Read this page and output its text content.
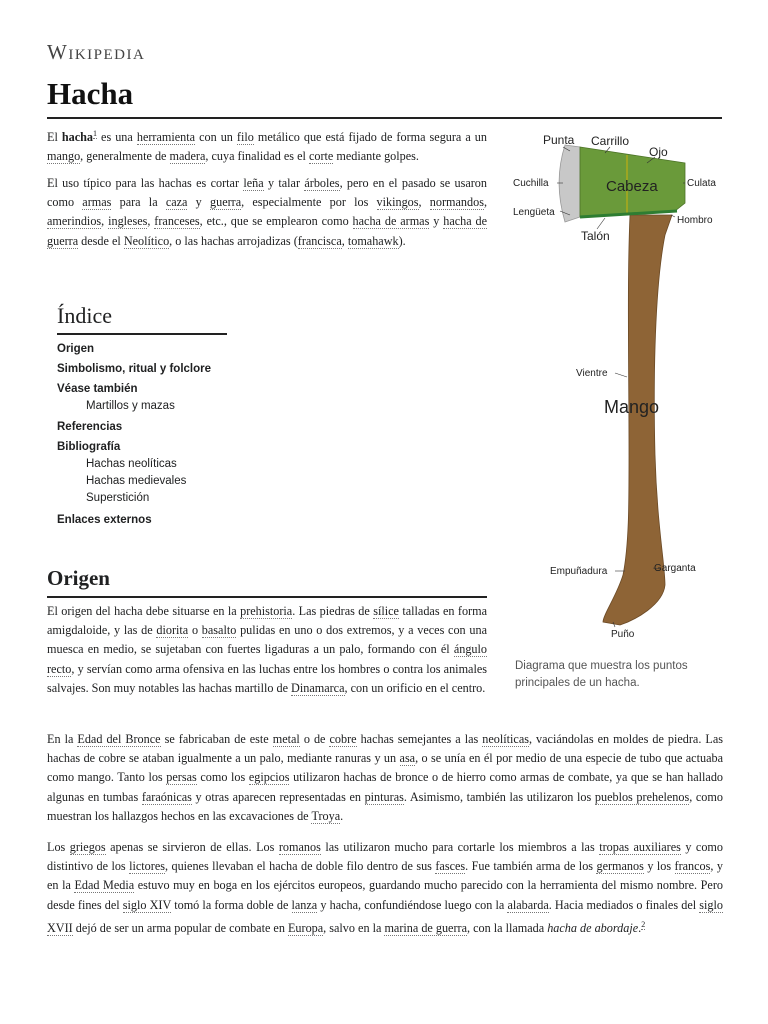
Wikipedia
Hacha
El hacha$^1$ es una herramienta con un filo metálico que está fijado de forma segura a un mango, generalmente de madera, cuya finalidad es el corte mediante golpes.
El uso típico para las hachas es cortar leña y talar árboles, pero en el pasado se usaron como armas para la caza y guerra, especialmente por los vikingos, normandos, amerindios, ingleses, franceses, etc., que se emplearon como hacha de armas y hacha de guerra desde el Neolítico, o las hachas arrojadizas (francisca, tomahawk).
Índice
Origen
Simbolismo, ritual y folclore
Véase también
Martillos y mazas
Referencias
Bibliografía
Hachas neolíticas
Hachas medievales
Superstición
Enlaces externos
Punta Carrillo
Ojo
Cuchilla	Cabeza	Culata
Lengüeta
Hombro
Talón
Vientre
Mango
Empuñadura	Garganta
Puño
Diagrama que muestra los puntos principales de un hacha.
Origen
El origen del hacha debe situarse en la prehistoria. Las piedras de sílice talladas en forma amigdaloide, y las de diorita o basalto pulidas en uno o dos extremos, y a veces con una muesca en medio, se sujetaban con fuertes ligaduras a un palo, formando con él ángulo recto, y servían como arma ofensiva en las luchas entre los hombres o contra los animales salvajes. Son muy notables las hachas martillo de Dinamarca, con un orificio en el centro.
En la Edad del Bronce se fabricaban de este metal o de cobre hachas semejantes a las neolíticas, vaciándolas en moldes de piedra. Las hachas de cobre se ataban igualmente a un palo, mediante ranuras y un asa, o se unía en él por medio de una especie de tubo que actuaba como mango. Tanto los persas como los egipcios utilizaron hachas de bronce o de hierro como armas de combate, ya que se han hallado algunas en tumbas faraónicas y otras aparecen representadas en pinturas. Asimismo, también las utilizaron los pueblos prehelenos, como muestran los hallazgos hechos en las excavaciones de Troya.
Los griegos apenas se sirvieron de ellas. Los romanos las utilizaron mucho para cortarle los miembros a las tropas auxiliares y como distintivo de los lictores, quienes llevaban el hacha de doble filo dentro de sus fasces. Fue también arma de los germanos y los francos, y en la Edad Media estuvo muy en boga en los ejércitos europeos, guardando mucho parecido con la herramienta del mismo nombre. Pero desde fines del siglo XIV tomó la forma doble de lanza y hacha, confundiéndose luego con la alabarda. Hacia mediados o finales del siglo XVII dejó de ser un arma popular de combate en Europa, salvo en la marina de guerra, con la llamada hacha de abordaje.$^2$
